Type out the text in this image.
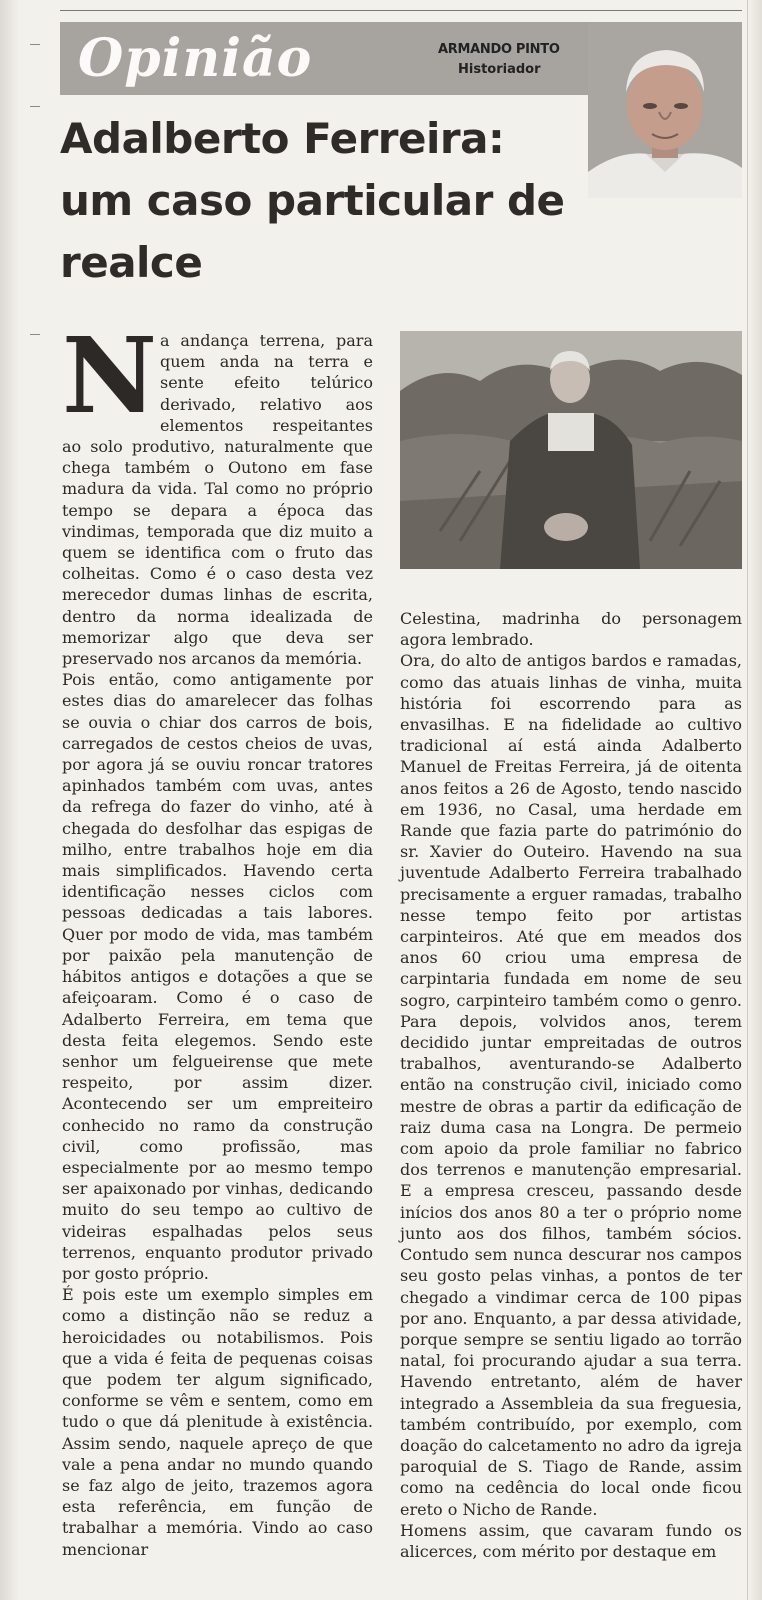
Opinião	ARMANDO PINTO
Historiador
Adalberto Ferreira: um caso particular de realce
N a andança terrena, para quem anda na terra e sente efeito telúrico derivado, relativo aos elementos respeitantes ao solo produtivo, naturalmente que chega também o Outono em fase madura da vida. Tal como no próprio tempo se depara a época das vindimas, temporada que diz muito a quem se identifica com o fruto das colheitas. Como é o caso desta vez merecedor dumas linhas de escrita, dentro da norma idealizada de memorizar algo que deva ser preservado nos arcanos da memória.

Pois então, como antigamente por estes dias do amarelecer das folhas se ouvia o chiar dos carros de bois, carregados de cestos cheios de uvas, por agora já se ouviu roncar tratores apinhados também com uvas, antes da refrega do fazer do vinho, até à chegada do desfolhar das espigas de milho, entre trabalhos hoje em dia mais simplificados. Havendo certa identificação nesses ciclos com pessoas dedicadas a tais labores. Quer por modo de vida, mas também por paixão pela manutenção de hábitos antigos e dotações a que se afeiçoaram. Como é o caso de Adalberto Ferreira, em tema que desta feita elegemos. Sendo este senhor um felgueirense que mete respeito, por assim dizer. Acontecendo ser um empreiteiro conhecido no ramo da construção civil, como profissão, mas especialmente por ao mesmo tempo ser apaixonado por vinhas, dedicando muito do seu tempo ao cultivo de videiras espalhadas pelos seus terrenos, enquanto produtor privado por gosto próprio.

É pois este um exemplo simples em como a distinção não se reduz a heroicidades ou notabilismos. Pois que a vida é feita de pequenas coisas que podem ter algum significado, conforme se vêm e sentem, como em tudo o que dá plenitude à existência. Assim sendo, naquele apreço de que vale a pena andar no mundo quando se faz algo de jeito, trazemos agora esta referência, em função de trabalhar a memória. Vindo ao caso mencionar

Celestina, madrinha do personagem agora lembrado.

Ora, do alto de antigos bardos e ramadas, como das atuais linhas de vinha, muita história foi escorrendo para as envasilhas. E na fidelidade ao cultivo tradicional aí está ainda Adalberto Manuel de Freitas Ferreira, já de oitenta anos feitos a 26 de Agosto, tendo nascido em 1936, no Casal, uma herdade em Rande que fazia parte do património do sr. Xavier do Outeiro. Havendo na sua juventude Adalberto Ferreira trabalhado precisamente a erguer ramadas, trabalho nesse tempo feito por artistas carpinteiros. Até que em meados dos anos 60 criou uma empresa de carpintaria fundada em nome de seu sogro, carpinteiro também como o genro. Para depois, volvidos anos, terem decidido juntar empreitadas de outros trabalhos, aventurando-se Adalberto então na construção civil, iniciado como mestre de obras a partir da edificação de raiz duma casa na Longra. De permeio com apoio da prole familiar no fabrico dos terrenos e manutenção empresarial. E a empresa cresceu, passando desde inícios dos anos 80 a ter o próprio nome junto aos dos filhos, também sócios. Contudo sem nunca descurar nos campos seu gosto pelas vinhas, a pontos de ter chegado a vindimar cerca de 100 pipas por ano. Enquanto, a par dessa atividade, porque sempre se sentiu ligado ao torrão natal, foi procurando ajudar a sua terra. Havendo entretanto, além de haver integrado a Assembleia da sua freguesia, também contribuído, por exemplo, com doação do calcetamento no adro da igreja paroquial de S. Tiago de Rande, assim como na cedência do local onde ficou ereto o Nicho de Rande.

Homens assim, que cavaram fundo os alicerces, com mérito por destaque em
